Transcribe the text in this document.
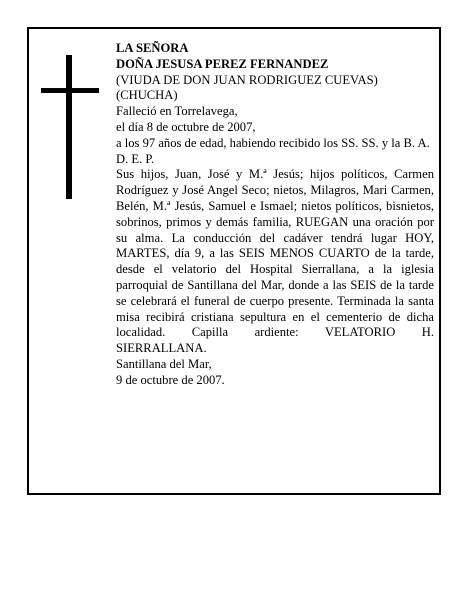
LA SEÑORA

DOÑA JESUSA PEREZ FERNANDEZ

(VIUDA DE DON JUAN RODRIGUEZ CUEVAS)

(CHUCHA)

Falleció en Torrelavega,

el día 8 de octubre de 2007,

a los 97 años de edad, habiendo recibido los SS. SS. y la B. A.

D. E. P.

Sus hijos, Juan, José y M.ª Jesús; hijos políticos, Carmen Rodríguez y José Angel Seco; nietos, Milagros, Mari Carmen, Belén, M.ª Jesús, Samuel e Ismael; nietos políticos, bisnietos, sobrinos, primos y demás familia, RUEGAN una oración por su alma. La conducción del cadáver tendrá lugar HOY, MARTES, día 9, a las SEIS MENOS CUARTO de la tarde, desde el velatorio del Hospital Sierrallana, a la iglesia parroquial de Santillana del Mar, donde a las SEIS de la tarde se celebrará el funeral de cuerpo presente. Terminada la santa misa recibirá cristiana sepultura en el cementerio de dicha localidad. Capilla ardiente: VELATORIO H. SIERRALLANA.

Santillana del Mar,

9 de octubre de 2007.
